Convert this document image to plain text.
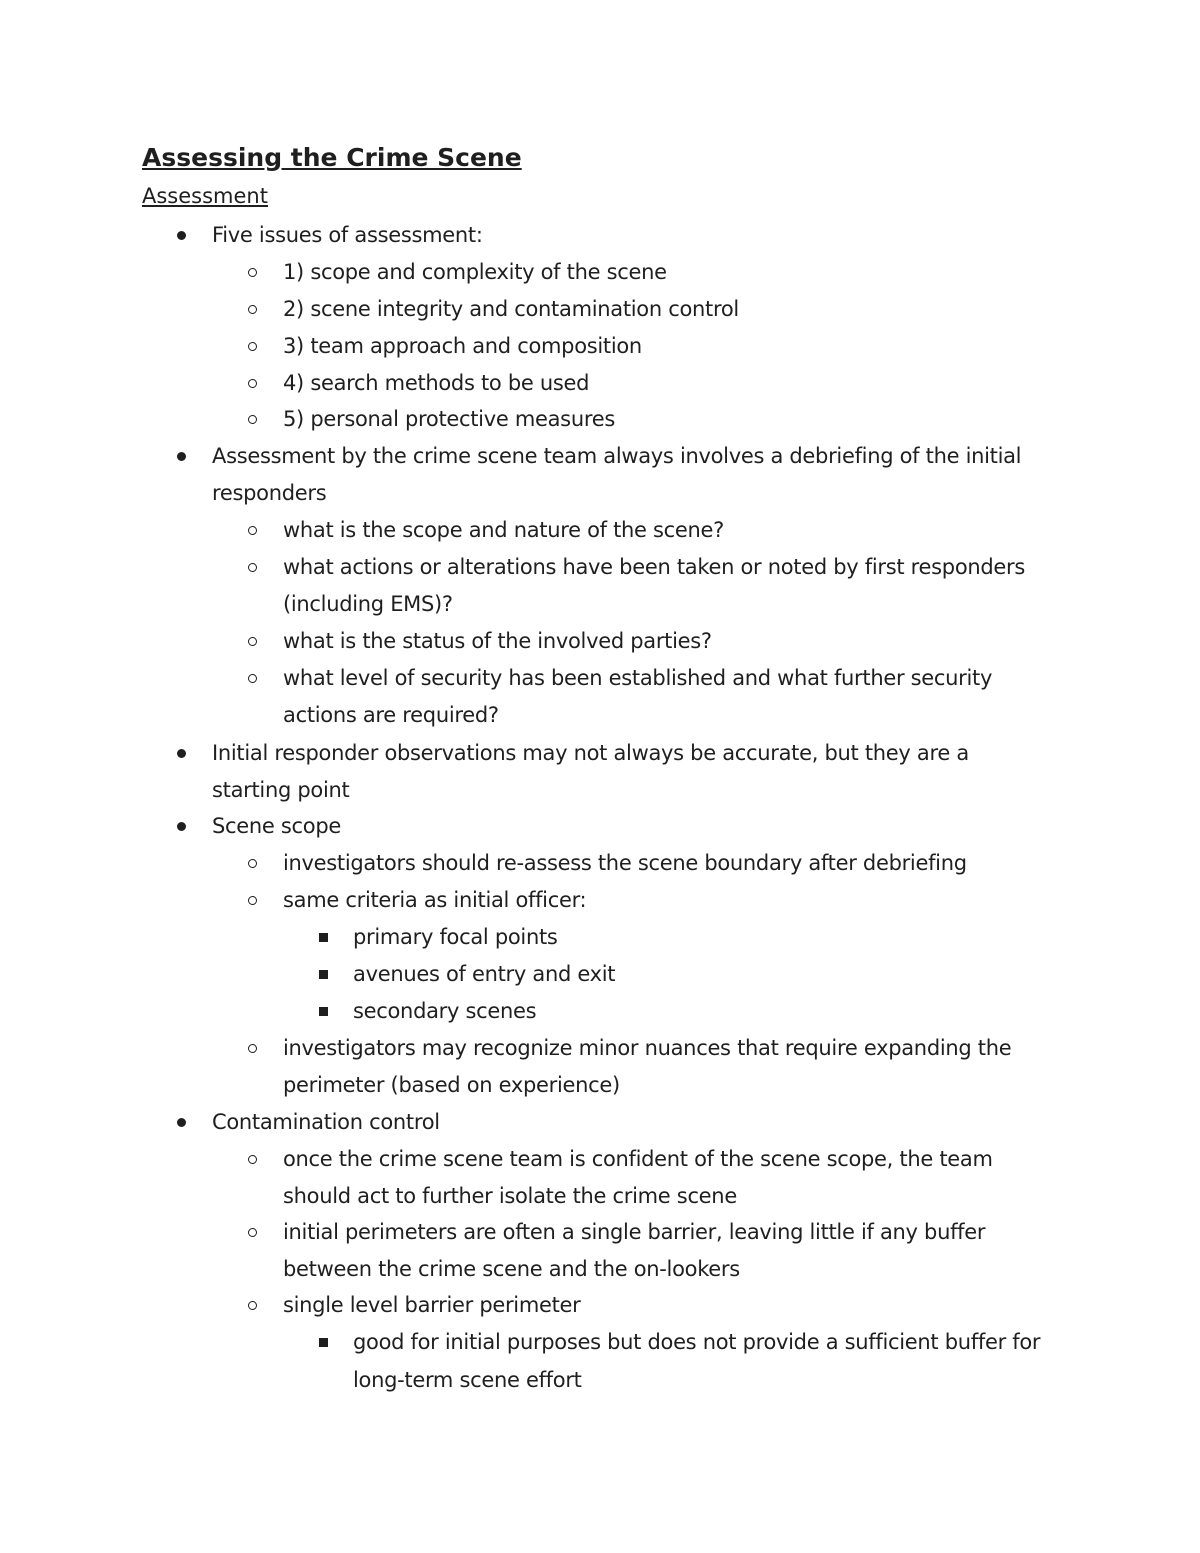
Assessing the Crime Scene
Assessment
Five issues of assessment:
1) scope and complexity of the scene
2) scene integrity and contamination control
3) team approach and composition
4) search methods to be used
5) personal protective measures
Assessment by the crime scene team always involves a debriefing of the initial
responders
what is the scope and nature of the scene?
what actions or alterations have been taken or noted by first responders
(including EMS)?
what is the status of the involved parties?
what level of security has been established and what further security
actions are required?
Initial responder observations may not always be accurate, but they are a
starting point
Scene scope
investigators should re-assess the scene boundary after debriefing
same criteria as initial officer:
primary focal points
avenues of entry and exit
secondary scenes
investigators may recognize minor nuances that require expanding the
perimeter (based on experience)
Contamination control
once the crime scene team is confident of the scene scope, the team
should act to further isolate the crime scene
initial perimeters are often a single barrier, leaving little if any buffer
between the crime scene and the on-lookers
single level barrier perimeter
good for initial purposes but does not provide a sufficient buffer for
long-term scene effort
